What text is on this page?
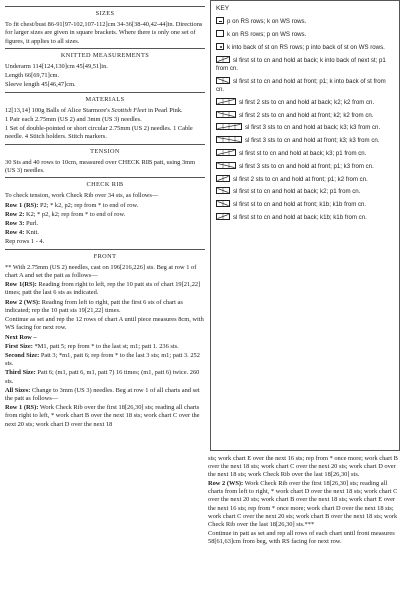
SIZES

To fit chest/bust 86-91[97-102,107-112]cm 34-36[38-40,42-44]in. Directions for larger sizes are given in square brackets. Where there is only one set of figures, it applies to all sizes.

KNITTED MEASUREMENTS

Underarm 114[124,130]cm 45[49,51]in.

Length 66[69,71]cm.

Sleeve length 45[46,47]cm.

MATERIALS

12[13,14] 100g Balls of Alice Starmore's Scottish Fleet in Pearl Pink.

1 Pair each 2.75mm (US 2) and 3mm (US 3) needles.

1 Set of double-pointed or short circular 2.75mm (US 2) needles. 1 Cable needle. 4 Stitch holders. Stitch markers.

TENSION

30 Sts and 40 rows to 10cm, measured over CHECK RIB patt, using 3mm (US 3) needles.

CHECK RIB

To check tension, work Check Rib over 34 sts, as follows—

Row 1 (RS): P2; * k2, p2; rep from * to end of row.

Row 2: K2; * p2, k2; rep from * to end of row.

Row 3: Purl.

Row 4: Knit.

Rep rows 1 - 4.

FRONT

** With 2.75mm (US 2) needles, cast on 196[216,226] sts. Beg at row 1 of chart A and set the patt as follows—

Row 1(RS): Reading from right to left, rep the 10 patt sts of chart 19[21,22] times; patt the last 6 sts as indicated.

Row 2 (WS): Reading from left to right, patt the first 6 sts of chart as indicated; rep the 10 patt sts 19[21,22] times.

Continue as set and rep the 12 rows of chart A until piece measures 8cm, with WS facing for next row.

Next Row –

First Size: *M1, patt 5; rep from * to the last st; m1; patt 1. 236 sts.

Second Size: Patt 3; *m1, patt 6; rep from * to the last 3 sts; m1; patt 3. 252 sts.

Third Size: Patt 6; (m1, patt 6, m1, patt 7) 16 times; (m1, patt 6) twice. 260 sts.

All Sizes: Change to 3mm (US 3) needles. Beg at row 1 of all charts and set the patt as follows—

Row 1 (RS): Work Check Rib over the first 18[26,30] sts; reading all charts from right to left, * work chart B over the next 18 sts; work chart C over the next 20 sts; work chart D over the next 18

KEY
p on RS rows; k on WS rows.
k on RS rows; p on WS rows.
k into back of st on RS rows; p into back of st on WS rows.
sl first st to cn and hold at back; k into back of next st; p1 from cn.
sl first st to cn and hold at front; p1; k into back of st from cn.
sl first 2 sts to cn and hold at back; k2; k2 from cn.
sl first 2 sts to cn and hold at front; k2; k2 from cn.
sl first 3 sts to cn and hold at back; k3; k3 from cn.
sl first 3 sts to cn and hold at front; k3; k3 from cn.
sl first st to cn and hold at back; k3; p1 from cn.
sl first 3 sts to cn and hold at front; p1; k3 from cn.
sl first 2 sts to cn and hold at front; p1; k2 from cn.
sl first st to cn and hold at back; k2; p1 from cn.
sl first st to cn and hold at front; k1b; k1b from cn.
sl first st to cn and hold at back; k1b; k1b from cn.

sts; work chart E over the next 16 sts; rep from * once more; work chart B over the next 18 sts; work chart C over the next 20 sts; work chart D over the next 18 sts; work Check Rib over the last 18[26,30] sts.

Row 2 (WS): Work Check Rib over the first 18[26,30] sts; reading all charts from left to right, * work chart D over the next 18 sts; work chart C over the next 20 sts; work chart B over the next 18 sts; work chart E over the next 16 sts; rep from * once more; work chart D over the next 18 sts; work chart C over the next 20 sts; work chart B over the next 18 sts; work Check Rib over the last 18[26,30] sts.***

Continue in patt as set and rep all rows of each chart until front measures 58[61,63]cm from beg, with RS facing for next row.
